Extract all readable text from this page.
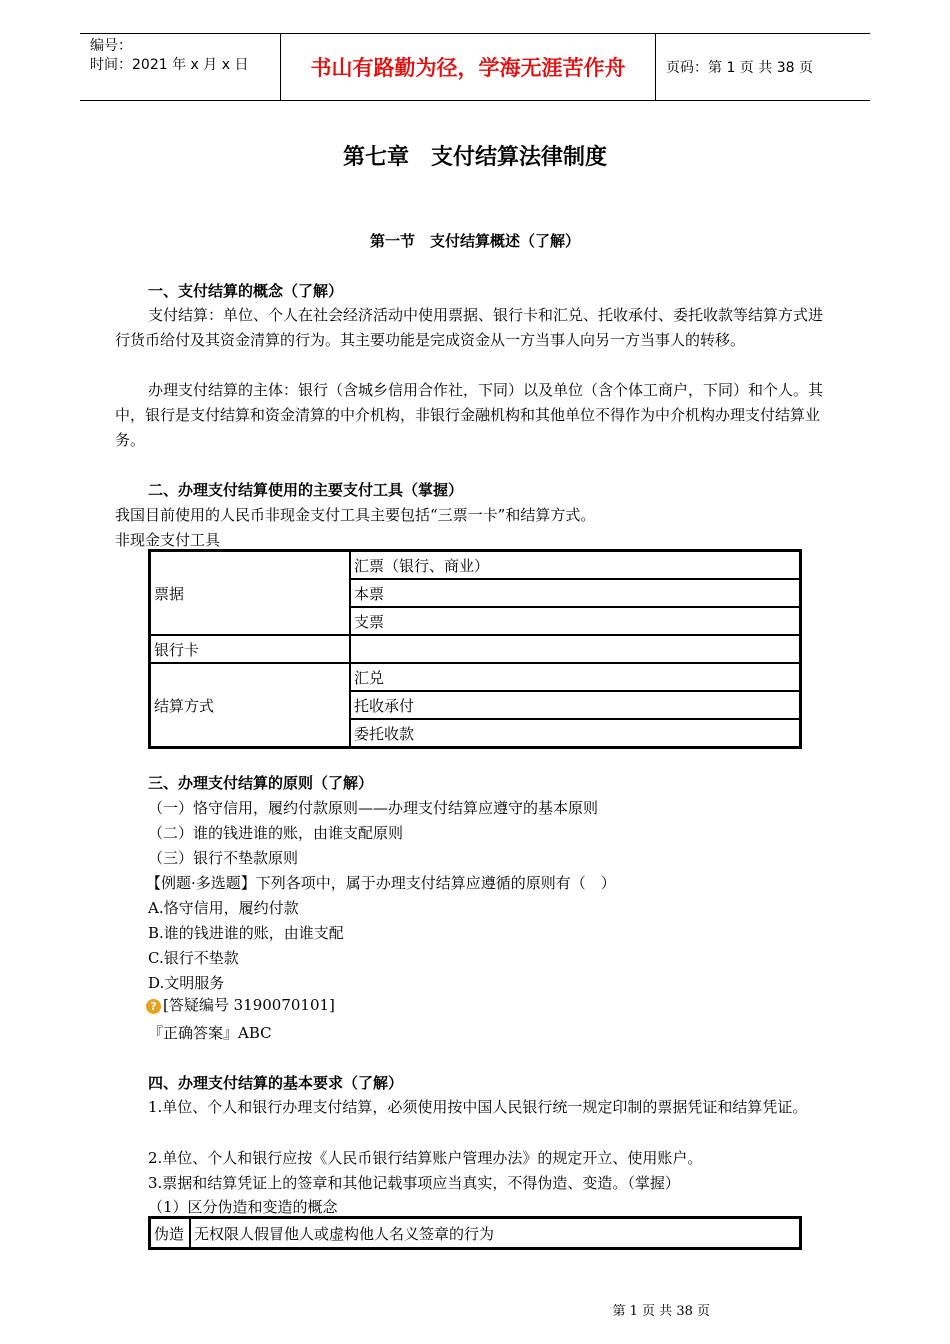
编号：
时间：2021 年 x 月 x 日	书山有路勤为径，学海无涯苦作舟	页码：第 1 页 共 38 页
第七章　支付结算法律制度
第一节　支付结算概述（了解）
一、支付结算的概念（了解）
支付结算：单位、个人在社会经济活动中使用票据、银行卡和汇兑、托收承付、委托收款等结算方式进行货币给付及其资金清算的行为。其主要功能是完成资金从一方当事人向另一方当事人的转移。
办理支付结算的主体：银行（含城乡信用合作社，下同）以及单位（含个体工商户，下同）和个人。其中，银行是支付结算和资金清算的中介机构，非银行金融机构和其他单位不得作为中介机构办理支付结算业务。
二、办理支付结算使用的主要支付工具（掌握）
我国目前使用的人民币非现金支付工具主要包括“三票一卡”和结算方式。
非现金支付工具
票据	汇票（银行、商业）
	本票
	支票
银行卡	
结算方式	汇兑
	托收承付
	委托收款
三、办理支付结算的原则（了解）
（一）恪守信用，履约付款原则——办理支付结算应遵守的基本原则
（二）谁的钱进谁的账，由谁支配原则
（三）银行不垫款原则
【例题·多选题】下列各项中，属于办理支付结算应遵循的原则有（　）
A.恪守信用，履约付款
B.谁的钱进谁的账，由谁支配
C.银行不垫款
D.文明服务
? [答疑编号 3190070101]
『正确答案』ABC
四、办理支付结算的基本要求（了解）
1.单位、个人和银行办理支付结算，必须使用按中国人民银行统一规定印制的票据凭证和结算凭证。
2.单位、个人和银行应按《人民币银行结算账户管理办法》的规定开立、使用账户。
3.票据和结算凭证上的签章和其他记载事项应当真实，不得伪造、变造。（掌握）
（1）区分伪造和变造的概念
伪造	无权限人假冒他人或虚构他人名义签章的行为
第 1 页 共 38 页
